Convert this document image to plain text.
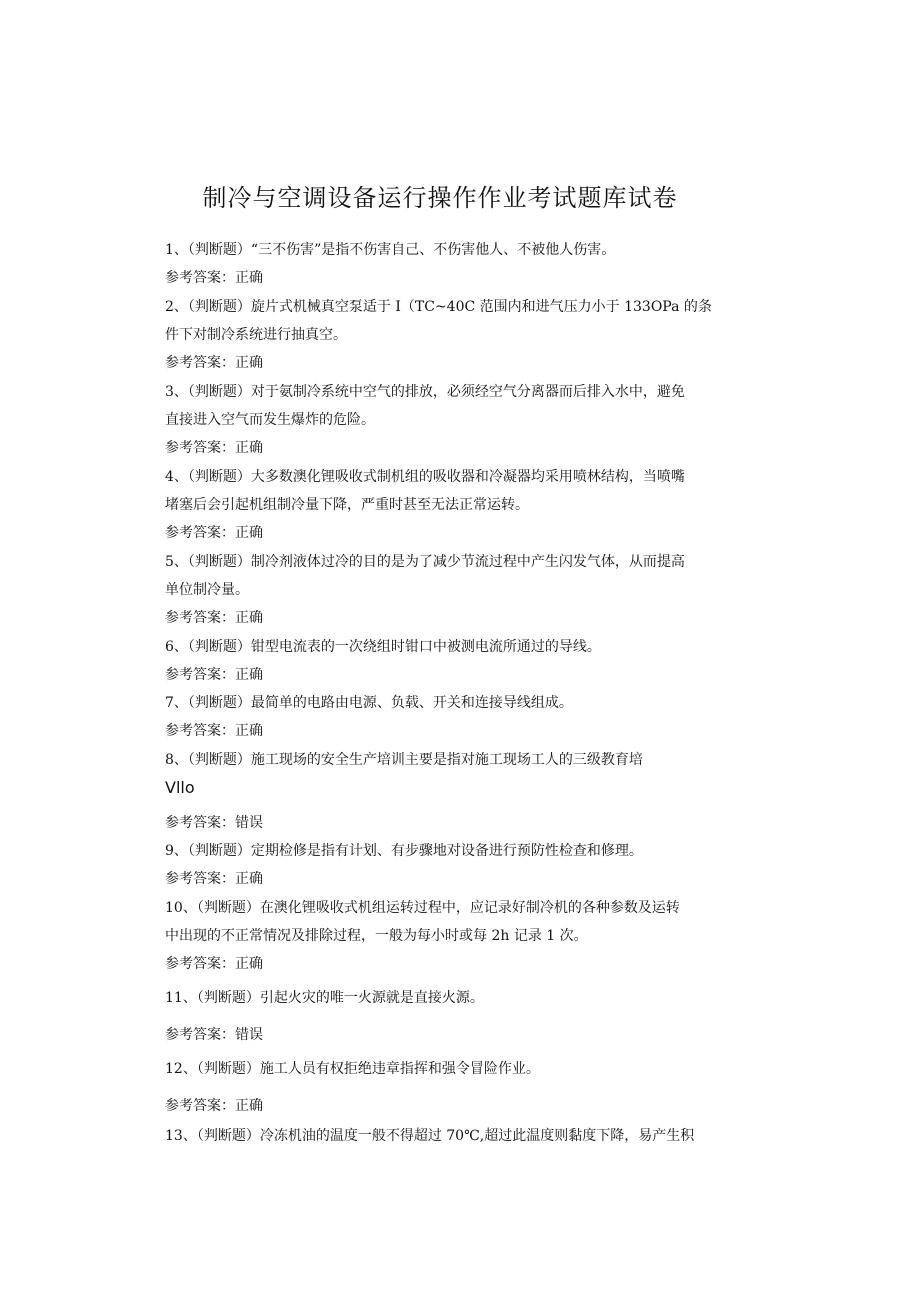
制冷与空调设备运行操作作业考试题库试卷
1、（判断题）“三不伤害”是指不伤害自己、不伤害他人、不被他人伤害。
参考答案：正确
2、（判断题）旋片式机械真空泵适于 I（TC~40C 范围内和进气压力小于 133OPa 的条
件下对制冷系统进行抽真空。
参考答案：正确
3、（判断题）对于氨制冷系统中空气的排放，必须经空气分离器而后排入水中，避免
直接进入空气而发生爆炸的危险。
参考答案：正确
4、（判断题）大多数澳化锂吸收式制机组的吸收器和冷凝器均采用喷林结构，当喷嘴
堵塞后会引起机组制冷量下降，严重时甚至无法正常运转。
参考答案：正确
5、（判断题）制冷剂液体过冷的目的是为了减少节流过程中产生闪发气体，从而提高
单位制冷量。
参考答案：正确
6、（判断题）钳型电流表的一次绕组时钳口中被测电流所通过的导线。
参考答案：正确
7、（判断题）最简单的电路由电源、负载、开关和连接导线组成。
参考答案：正确
8、（判断题）施工现场的安全生产培训主要是指对施工现场工人的三级教育培
Vllo
参考答案：错误
9、（判断题）定期检修是指有计划、有步骤地对设备进行预防性检查和修理。
参考答案：正确
10、（判断题）在澳化锂吸收式机组运转过程中，应记录好制冷机的各种参数及运转
中出现的不正常情况及排除过程，一般为每小时或每 2h 记录 1 次。
参考答案：正确
11、（判断题）引起火灾的唯一火源就是直接火源。
参考答案：错误
12、（判断题）施工人员有权拒绝违章指挥和强令冒险作业。
参考答案：正确
13、（判断题）冷冻机油的温度一般不得超过 70℃,超过此温度则黏度下降，易产生积
